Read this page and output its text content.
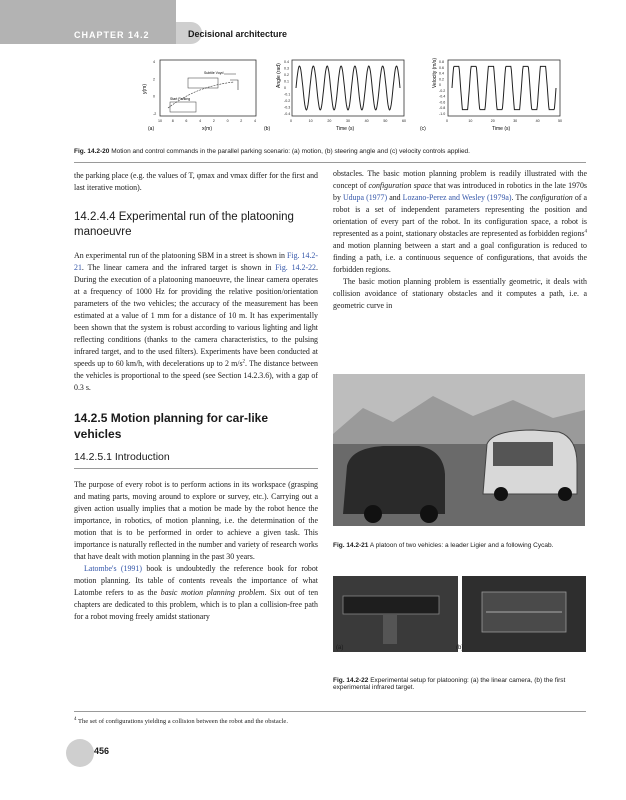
CHAPTER 14.2	Decisional architecture
y(m)
x(m)
10	8	6	4	2	0	2	4
4
2
0
-2
Subtile Voyd
Start Parking
(a)
Angle (rad)
Time (s)
0	10	20	30	40	50	60
0.4
0.3
0.2
0.1
0
-0.1
-0.2
-0.3
-0.4
(b)
Velocity (m/s)
Time (s)
0	10	20	30	40	50
0.8
0.6
0.4
0.2
0
-0.2
-0.4
-0.6
-0.8
-1.0
(c)
Fig. 14.2-20 Motion and control commands in the parallel parking scenario: (a) motion, (b) steering angle and (c) velocity controls applied.

the parking place (e.g. the values of T, φmax and vmax differ for the first and last iterative motion).

14.2.4.4 Experimental run of the platooning manoeuvre

An experimental run of the platooning SBM in a street is shown in Fig. 14.2-21. The linear camera and the infrared target is shown in Fig. 14.2-22. During the execution of a platooning manoeuvre, the linear camera operates at a frequency of 1000 Hz for providing the relative position/orientation parameters of the two vehicles; the accuracy of the measurement has been estimated at a value of 1 mm for a distance of 10 m. It has experimentally been shown that the system is robust according to various lighting and light reflecting conditions (thanks to the camera characteristics, to the pulsing infrared target, and to the used filters). Experiments have been conducted at speeds up to 60 km/h, with decelerations up to 2 $m/s^2$. The distance between the vehicles is proportional to the speed (see Section 14.2.3.6), with a gap of 0.3 s.

14.2.5 Motion planning for car-like vehicles
14.2.5.1 Introduction

The purpose of every robot is to perform actions in its workspace (grasping and mating parts, moving around to explore or survey, etc.). Carrying out a given action usually implies that a motion be made by the robot hence the importance, in robotics, of motion planning, i.e. the determination of the motion that is to be performed in order to achieve a given task. This importance is naturally reflected in the number and variety of research works that have dealt with motion planning in the past 30 years.

Latombe's (1991) book is undoubtedly the reference book for robot motion planning. Its table of contents reveals the importance of what Latombe refers to as the basic motion planning problem. Six out of ten chapters are dedicated to this problem, which is to plan a collision-free path for a robot moving freely amidst stationary

obstacles. The basic motion planning problem is readily illustrated with the concept of configuration space that was introduced in robotics in the late 1970s by Udupa (1977) and Lozano-Perez and Wesley (1979a). The configuration of a robot is a set of independent parameters representing the position and orientation of every part of the robot. In its configuration space, a robot is represented as a point, stationary obstacles are represented as forbidden regions$^4$ and motion planning between a start and a goal configuration is reduced to finding a path, i.e. a continuous sequence of configurations, that avoids the forbidden regions.

The basic motion planning problem is essentially geometric, it deals with collision avoidance of stationary obstacles and it computes a path, i.e. a geometric curve in

Fig. 14.2-21 A platoon of two vehicles: a leader Ligier and a following Cycab.
(a)	(b)
Fig. 14.2-22 Experimental setup for platooning: (a) the linear camera, (b) the first experimental infrared target.
$^4$ The set of configurations yielding a collision between the robot and the obstacle.
456
